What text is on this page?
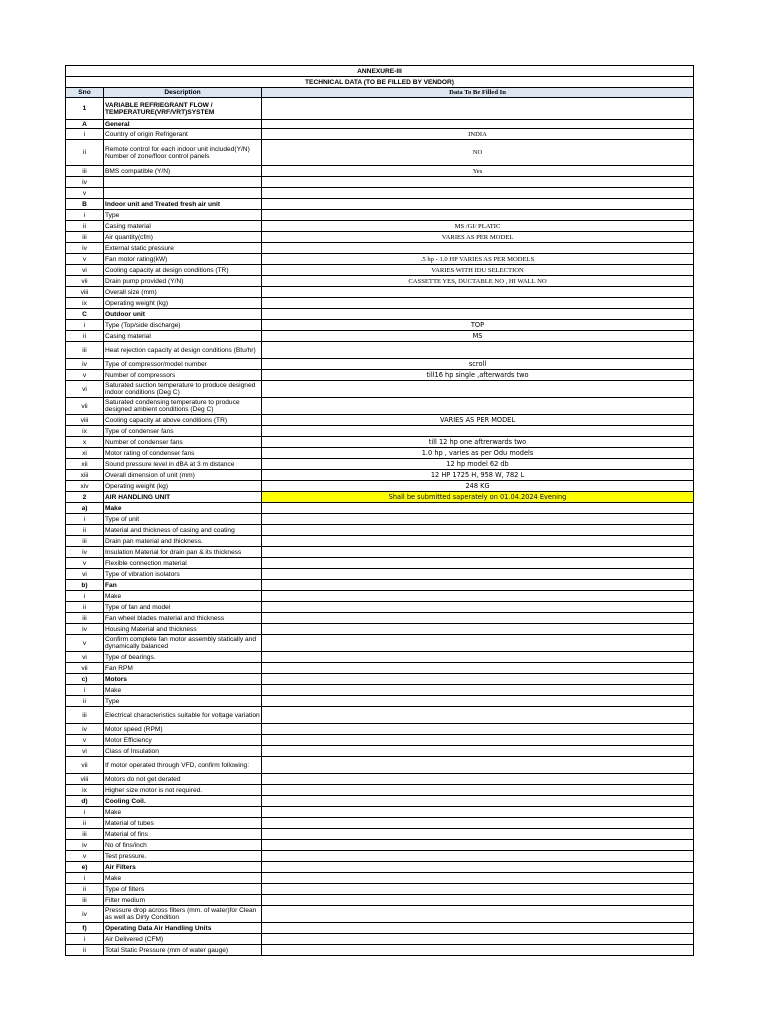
ANNEXURE-III		
TECHNICAL DATA (TO BE FILLED BY VENDOR)		
Sno	Description	Data To Be Filled In
1	VARIABLE REFRIEGRANT FLOW / TEMPERATURE(VRF/VRT)SYSTEM	
A	General	
i	Country of origin Refrigerant	INDIA
ii	Remote control for each indoor unit included(Y/N) Number of zone/floor control panels	NO
iii	BMS compatible (Y/N)	Yes
iv		
v		
B	Indoor unit and Treated fresh air unit	
i	Type	
ii	Casing material	MS /GI/ PLATIC
iii	Air quantity(cfm)	VARIES AS PER MODEL
iv	External static pressure	
v	Fan motor rating(kW)	.5 hp - 1.0 HP VARIES AS PER MODELS
vi	Cooling capacity at design conditions (TR)	VARIES WITH IDU SELECTION
vii	Drain pump provided (Y/N)	CASSETTE YES, DUCTABLE NO , HI WALL NO
viii	Overall size (mm)	
ix	Operating weight (kg)	
C	Outdoor unit	
i	Type (Top/side discharge)	TOP
ii	Casing material	MS
iii	Heat rejection capacity at design conditions (Btu/hr)	
iv	Type of compressor/model number	scroll
v	Number of compressors	till16 hp single ,afterwards two
vi	Saturated suction temperature to produce designed indoor conditions (Deg C)	
vii	Saturated condensing temperature to produce designed ambient conditions (Deg C)	
viii	Cooling capacity at above conditions (TR)	VARIES AS PER MODEL
ix	Type of condenser fans	
x	Number of condenser fans	till 12 hp one aftrerwards two
xi	Motor rating of condenser fans	1.0 hp , varies as per Odu models
xii	Sound pressure level in dBA at 3 m distance	12 hp model 62 db
xiii	Overall dimension of unit (mm)	12 HP 1725 H, 958 W, 782 L
xiv	Operating weight (kg)	248 KG
2	AIR HANDLING UNIT	Shall be submitted saperately on 01.04.2024 Evening
a)	Make	
i	Type of unit	
ii	Material and thickness of casing and coating	
iii	Drain pan material and thickness.	
iv	Insulation Material for drain pan & its thickness	
v	Flexible connection material	
vi	Type of vibration isolators	
b)	Fan	
i	Make	
ii	Type of fan and model	
iii	Fan wheel blades material and thickness	
iv	Housing Material and thickness	
v	Confirm complete fan motor assembly statically and dynamically balanced	
vi	Type of bearings.	
vii	Fan RPM	
c)	Motors	
i	Make	
ii	Type	
iii	Electrical characteristics suitable for voltage variation	
iv	Motor speed (RPM)	
v	Motor Efficiency	
vi	Class of Insulation	
vii	If motor operated through VFD, confirm following:	
viii	Motors do not get derated	
ix	Higher size motor is not required.	
d)	Cooling Coil.	
i	Make	
ii	Material of tubes	
iii	Material of fins	
iv	No of fins/inch	
v	Test pressure.	
e)	Air Filters	
i	Make	
ii	Type of filters	
iii	Filter medium	
iv	Pressure drop across filters (mm. of water)for Clean as well as Dirty Condition	
f)	Operating Data Air Handling Units	
i	Air Delivered (CFM)	
ii	Total Static Pressure (mm of water gauge)	
